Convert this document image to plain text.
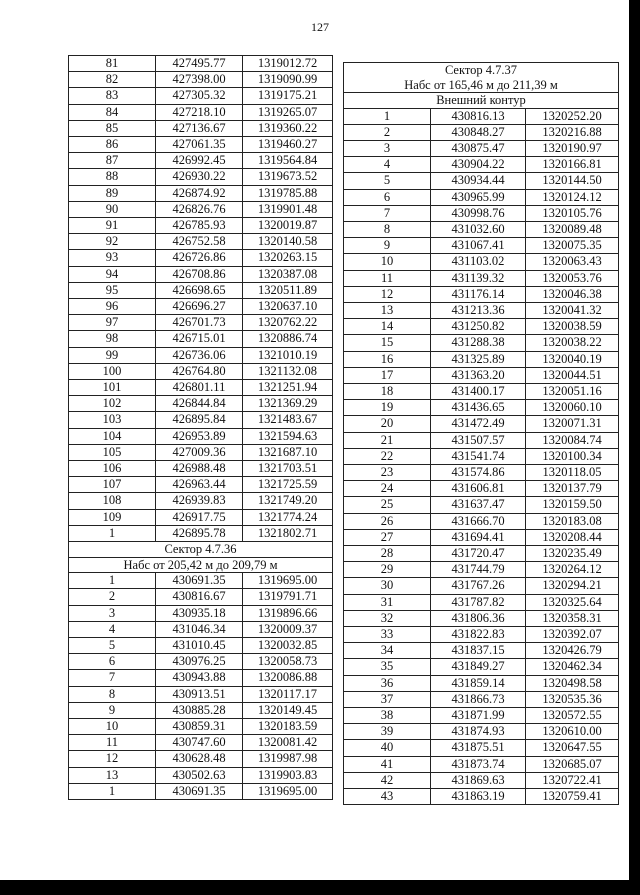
127
81	427495.77	1319012.72
82	427398.00	1319090.99
83	427305.32	1319175.21
84	427218.10	1319265.07
85	427136.67	1319360.22
86	427061.35	1319460.27
87	426992.45	1319564.84
88	426930.22	1319673.52
89	426874.92	1319785.88
90	426826.76	1319901.48
91	426785.93	1320019.87
92	426752.58	1320140.58
93	426726.86	1320263.15
94	426708.86	1320387.08
95	426698.65	1320511.89
96	426696.27	1320637.10
97	426701.73	1320762.22
98	426715.01	1320886.74
99	426736.06	1321010.19
100	426764.80	1321132.08
101	426801.11	1321251.94
102	426844.84	1321369.29
103	426895.84	1321483.67
104	426953.89	1321594.63
105	427009.36	1321687.10
106	426988.48	1321703.51
107	426963.44	1321725.59
108	426939.83	1321749.20
109	426917.75	1321774.24
1	426895.78	1321802.71
Сектор 4.7.36		
Набс от 205,42 м до 209,79 м		
1	430691.35	1319695.00
2	430816.67	1319791.71
3	430935.18	1319896.66
4	431046.34	1320009.37
5	431010.45	1320032.85
6	430976.25	1320058.73
7	430943.88	1320086.88
8	430913.51	1320117.17
9	430885.28	1320149.45
10	430859.31	1320183.59
11	430747.60	1320081.42
12	430628.48	1319987.98
13	430502.63	1319903.83
1	430691.35	1319695.00
Сектор 4.7.37		
Набс от 165,46 м до 211,39 м		
Внешний контур		
1	430816.13	1320252.20
2	430848.27	1320216.88
3	430875.47	1320190.97
4	430904.22	1320166.81
5	430934.44	1320144.50
6	430965.99	1320124.12
7	430998.76	1320105.76
8	431032.60	1320089.48
9	431067.41	1320075.35
10	431103.02	1320063.43
11	431139.32	1320053.76
12	431176.14	1320046.38
13	431213.36	1320041.32
14	431250.82	1320038.59
15	431288.38	1320038.22
16	431325.89	1320040.19
17	431363.20	1320044.51
18	431400.17	1320051.16
19	431436.65	1320060.10
20	431472.49	1320071.31
21	431507.57	1320084.74
22	431541.74	1320100.34
23	431574.86	1320118.05
24	431606.81	1320137.79
25	431637.47	1320159.50
26	431666.70	1320183.08
27	431694.41	1320208.44
28	431720.47	1320235.49
29	431744.79	1320264.12
30	431767.26	1320294.21
31	431787.82	1320325.64
32	431806.36	1320358.31
33	431822.83	1320392.07
34	431837.15	1320426.79
35	431849.27	1320462.34
36	431859.14	1320498.58
37	431866.73	1320535.36
38	431871.99	1320572.55
39	431874.93	1320610.00
40	431875.51	1320647.55
41	431873.74	1320685.07
42	431869.63	1320722.41
43	431863.19	1320759.41
